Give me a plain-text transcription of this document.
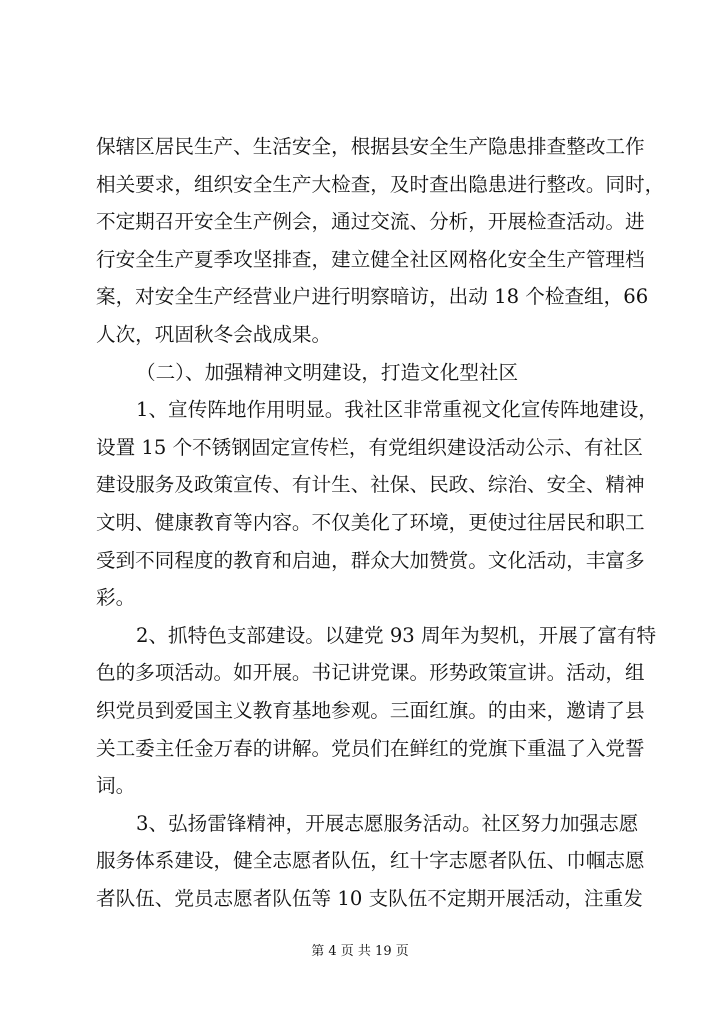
保辖区居民生产、生活安全，根据县安全生产隐患排查整改工作
相关要求，组织安全生产大检查，及时查出隐患进行整改。同时，
不定期召开安全生产例会，通过交流、分析，开展检查活动。进
行安全生产夏季攻坚排查，建立健全社区网格化安全生产管理档
案，对安全生产经营业户进行明察暗访，出动 18 个检查组，66
人次，巩固秋冬会战成果。
（二）、加强精神文明建设，打造文化型社区
1、宣传阵地作用明显。我社区非常重视文化宣传阵地建设，
设置 15 个不锈钢固定宣传栏，有党组织建设活动公示、有社区
建设服务及政策宣传、有计生、社保、民政、综治、安全、精神
文明、健康教育等内容。不仅美化了环境，更使过往居民和职工
受到不同程度的教育和启迪，群众大加赞赏。文化活动，丰富多
彩。
2、抓特色支部建设。以建党 93 周年为契机，开展了富有特
色的多项活动。如开展。书记讲党课。形势政策宣讲。活动，组
织党员到爱国主义教育基地参观。三面红旗。的由来，邀请了县
关工委主任金万春的讲解。党员们在鲜红的党旗下重温了入党誓
词。
3、弘扬雷锋精神，开展志愿服务活动。社区努力加强志愿
服务体系建设，健全志愿者队伍，红十字志愿者队伍、巾帼志愿
者队伍、党员志愿者队伍等 10 支队伍不定期开展活动，注重发
第 4 页 共 19 页
